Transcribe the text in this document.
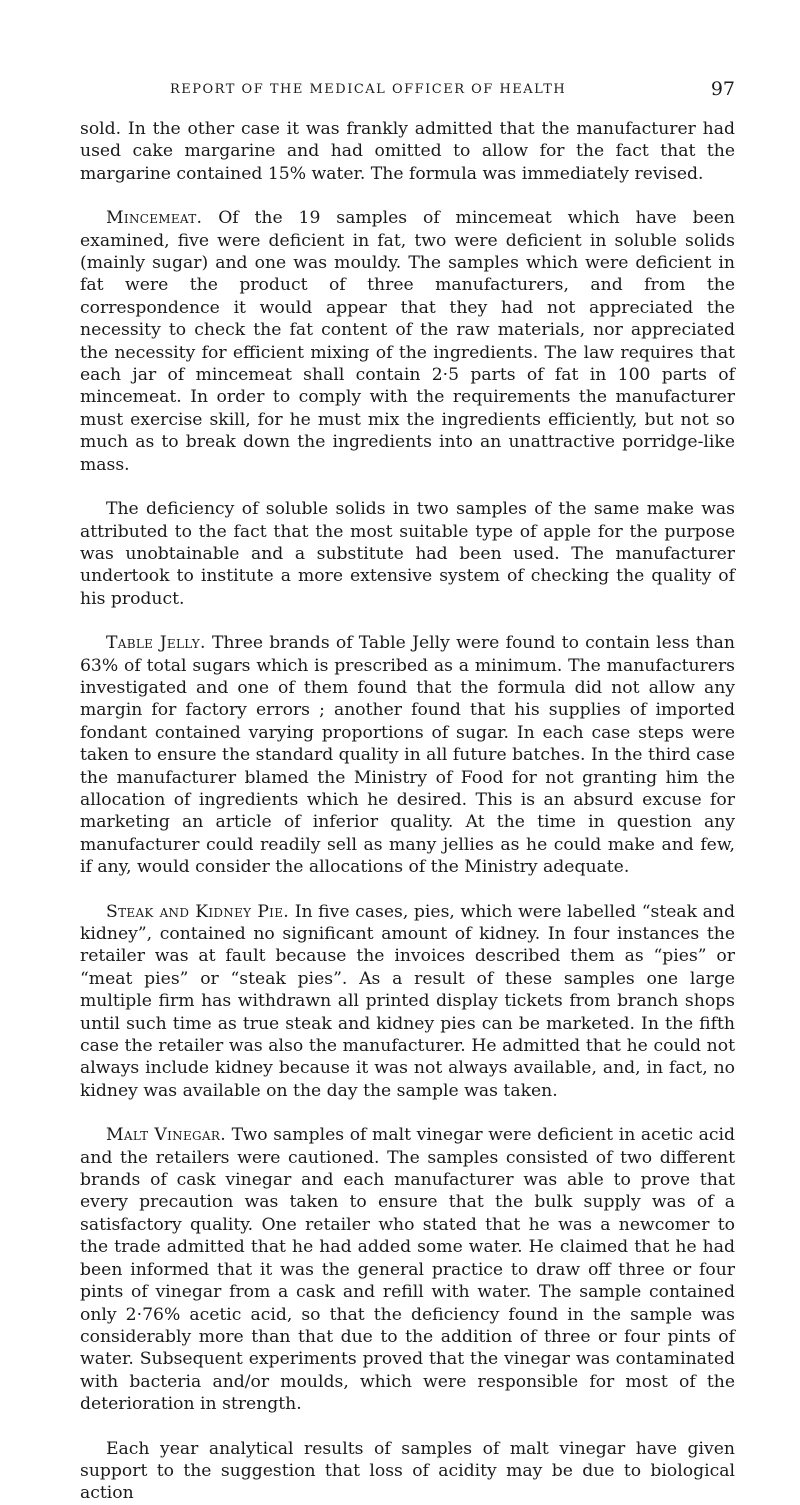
REPORT OF THE MEDICAL OFFICER OF HEALTH	97

sold. In the other case it was frankly admitted that the manufacturer had used cake margarine and had omitted to allow for the fact that the margarine contained 15% water. The formula was immediately revised.

Mincemeat. Of the 19 samples of mincemeat which have been examined, five were deficient in fat, two were deficient in soluble solids (mainly sugar) and one was mouldy. The samples which were deficient in fat were the product of three manufacturers, and from the correspondence it would appear that they had not appreciated the necessity to check the fat content of the raw materials, nor appreciated the necessity for efficient mixing of the ingredients. The law requires that each jar of mincemeat shall contain 2·5 parts of fat in 100 parts of mincemeat. In order to comply with the requirements the manufacturer must exercise skill, for he must mix the ingredients efficiently, but not so much as to break down the ingredients into an unattractive porridge-like mass.

The deficiency of soluble solids in two samples of the same make was attributed to the fact that the most suitable type of apple for the purpose was unobtainable and a substitute had been used. The manufacturer undertook to institute a more extensive system of checking the quality of his product.

Table Jelly. Three brands of Table Jelly were found to contain less than 63% of total sugars which is prescribed as a minimum. The manufacturers investigated and one of them found that the formula did not allow any margin for factory errors ; another found that his supplies of imported fondant contained varying proportions of sugar. In each case steps were taken to ensure the standard quality in all future batches. In the third case the manufacturer blamed the Ministry of Food for not granting him the allocation of ingredients which he desired. This is an absurd excuse for marketing an article of inferior quality. At the time in question any manufacturer could readily sell as many jellies as he could make and few, if any, would consider the allocations of the Ministry adequate.

Steak and Kidney Pie. In five cases, pies, which were labelled “steak and kidney”, contained no significant amount of kidney. In four instances the retailer was at fault because the invoices described them as “pies” or “meat pies” or “steak pies”. As a result of these samples one large multiple firm has withdrawn all printed display tickets from branch shops until such time as true steak and kidney pies can be marketed. In the fifth case the retailer was also the manufacturer. He admitted that he could not always include kidney because it was not always available, and, in fact, no kidney was available on the day the sample was taken.

Malt Vinegar. Two samples of malt vinegar were deficient in acetic acid and the retailers were cautioned. The samples consisted of two different brands of cask vinegar and each manufacturer was able to prove that every precaution was taken to ensure that the bulk supply was of a satisfactory quality. One retailer who stated that he was a newcomer to the trade admitted that he had added some water. He claimed that he had been informed that it was the general practice to draw off three or four pints of vinegar from a cask and refill with water. The sample contained only 2·76% acetic acid, so that the deficiency found in the sample was considerably more than that due to the addition of three or four pints of water. Subsequent experiments proved that the vinegar was contaminated with bacteria and/or moulds, which were responsible for most of the deterioration in strength.

Each year analytical results of samples of malt vinegar have given support to the suggestion that loss of acidity may be due to biological action
